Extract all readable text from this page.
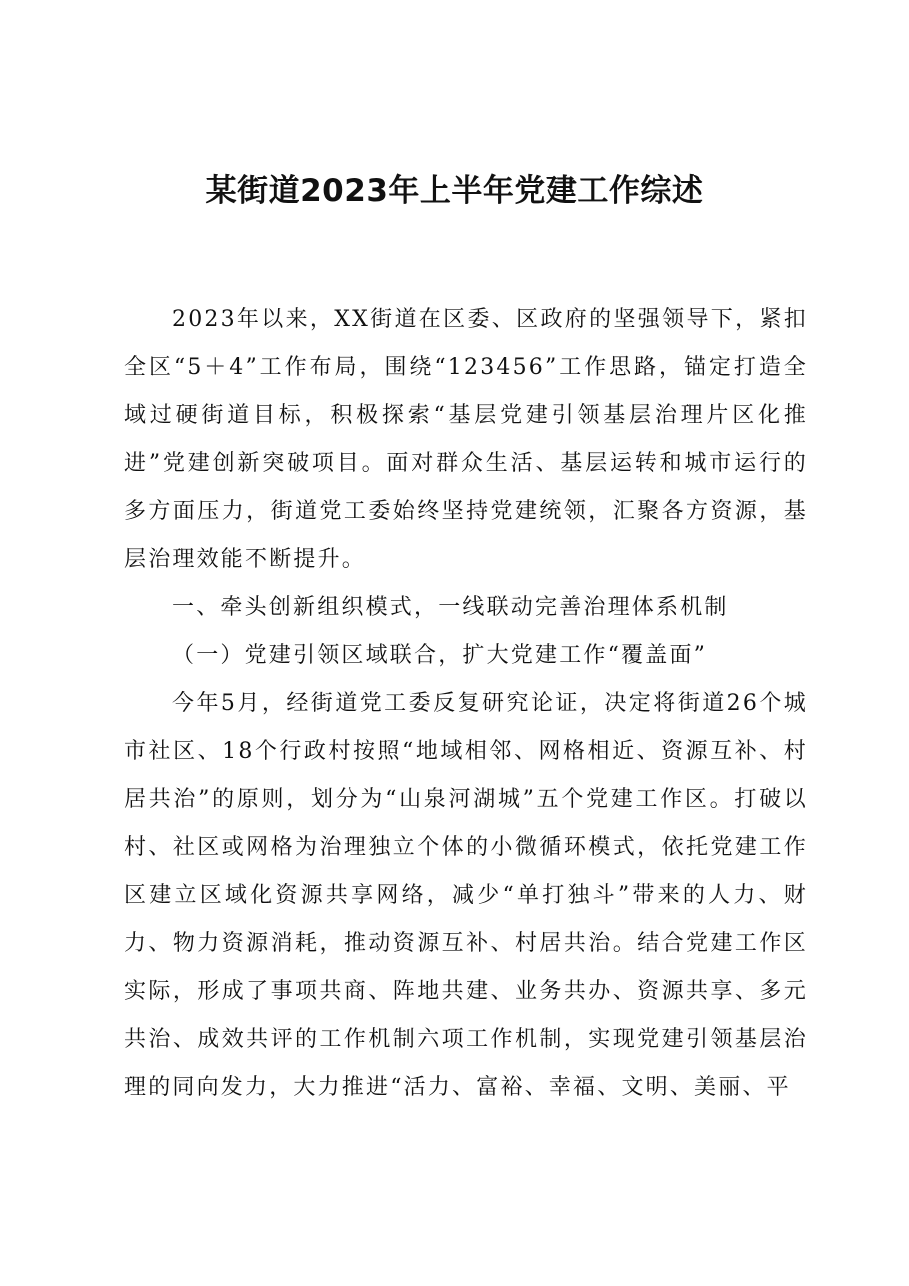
某街道2023年上半年党建工作综述

2023年以来，XX街道在区委、区政府的坚强领导下，紧扣全区“5＋4”工作布局，围绕“123456”工作思路，锚定打造全域过硬街道目标，积极探索“基层党建引领基层治理片区化推进”党建创新突破项目。面对群众生活、基层运转和城市运行的多方面压力，街道党工委始终坚持党建统领，汇聚各方资源，基层治理效能不断提升。

一、牵头创新组织模式，一线联动完善治理体系机制

（一）党建引领区域联合，扩大党建工作“覆盖面”

今年5月，经街道党工委反复研究论证，决定将街道26个城市社区、18个行政村按照“地域相邻、网格相近、资源互补、村居共治”的原则，划分为“山泉河湖城”五个党建工作区。打破以村、社区或网格为治理独立个体的小微循环模式，依托党建工作区建立区域化资源共享网络，减少“单打独斗”带来的人力、财力、物力资源消耗，推动资源互补、村居共治。结合党建工作区实际，形成了事项共商、阵地共建、业务共办、资源共享、多元共治、成效共评的工作机制六项工作机制，实现党建引领基层治理的同向发力，大力推进“活力、富裕、幸福、文明、美丽、平
